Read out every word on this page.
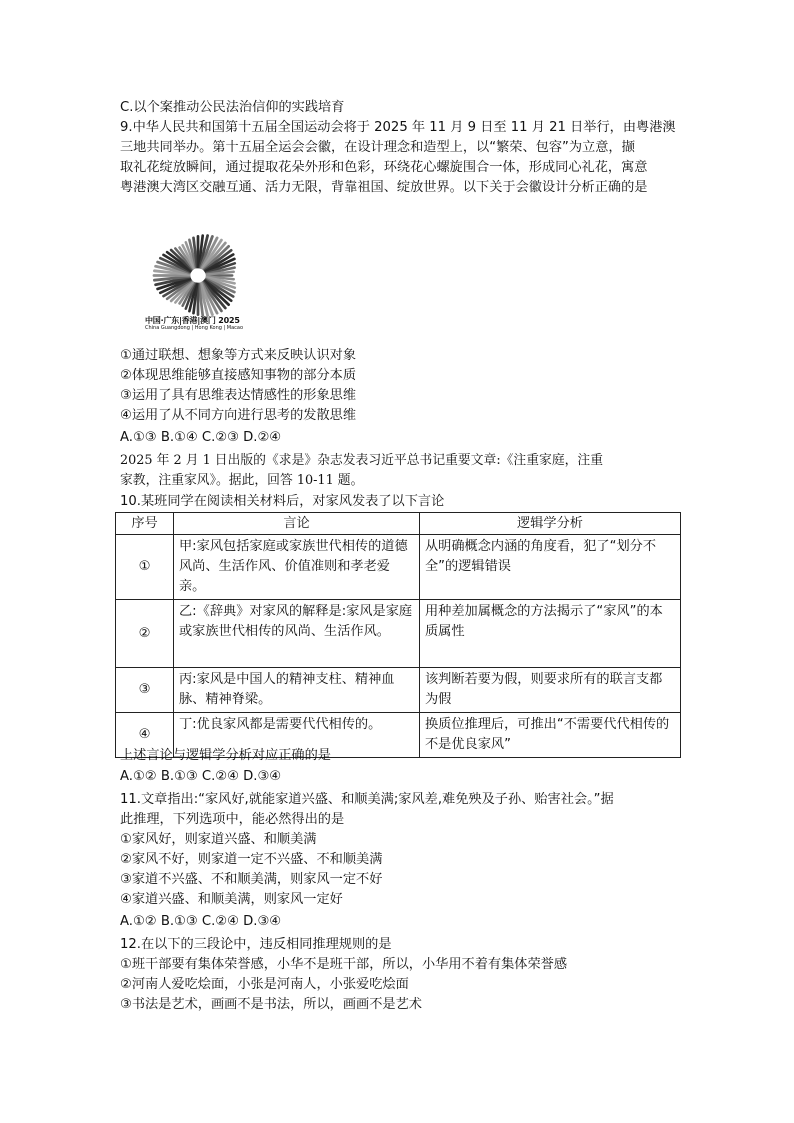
C.以个案推动公民法治信仰的实践培育
9.中华人民共和国第十五届全国运动会将于 2025 年 11 月 9 日至 11 月 21 日举行，由粤港澳
三地共同举办。第十五届全运会会徽，在设计理念和造型上，以“繁荣、包容”为立意，撷
取礼花绽放瞬间，通过提取花朵外形和色彩，环绕花心螺旋围合一体，形成同心礼花，寓意
粤港澳大湾区交融互通、活力无限，背靠祖国、绽放世界。以下关于会徽设计分析正确的是
中国·广东|香港|澳门 2025
China Guangdong | Hong Kong | Macao
①通过联想、想象等方式来反映认识对象
②体现思维能够直接感知事物的部分本质
③运用了具有思维表达情感性的形象思维
④运用了从不同方向进行思考的发散思维
A.①③ B.①④ C.②③ D.②④
2025 年 2 月 1 日出版的《求是》杂志发表习近平总书记重要文章:《注重家庭，注重
家教，注重家风》。据此，回答 10-11 题。
10.某班同学在阅读相关材料后，对家风发表了以下言论
序号	言论	逻辑学分析
①	甲:家风包括家庭或家族世代相传的道德风尚、生活作风、价值准则和孝老爱亲。	从明确概念内涵的角度看，犯了“划分不全”的逻辑错误
②	乙:《辞典》对家风的解释是:家风是家庭或家族世代相传的风尚、生活作风。	用种差加属概念的方法揭示了“家风”的本质属性
③	丙:家风是中国人的精神支柱、精神血脉、精神脊梁。	该判断若要为假，则要求所有的联言支都为假
④	丁:优良家风都是需要代代相传的。	换质位推理后，可推出“不需要代代相传的不是优良家风”
上述言论与逻辑学分析对应正确的是
A.①② B.①③ C.②④ D.③④
11.文章指出:“家风好,就能家道兴盛、和顺美满;家风差,难免殃及子孙、贻害社会。”据
此推理，下列选项中，能必然得出的是
①家风好，则家道兴盛、和顺美满
②家风不好，则家道一定不兴盛、不和顺美满
③家道不兴盛、不和顺美满，则家风一定不好
④家道兴盛、和顺美满，则家风一定好
A.①② B.①③ C.②④ D.③④
12.在以下的三段论中，违反相同推理规则的是
①班干部要有集体荣誉感，小华不是班干部，所以，小华用不着有集体荣誉感
②河南人爱吃烩面，小张是河南人，小张爱吃烩面
③书法是艺术，画画不是书法，所以，画画不是艺术
